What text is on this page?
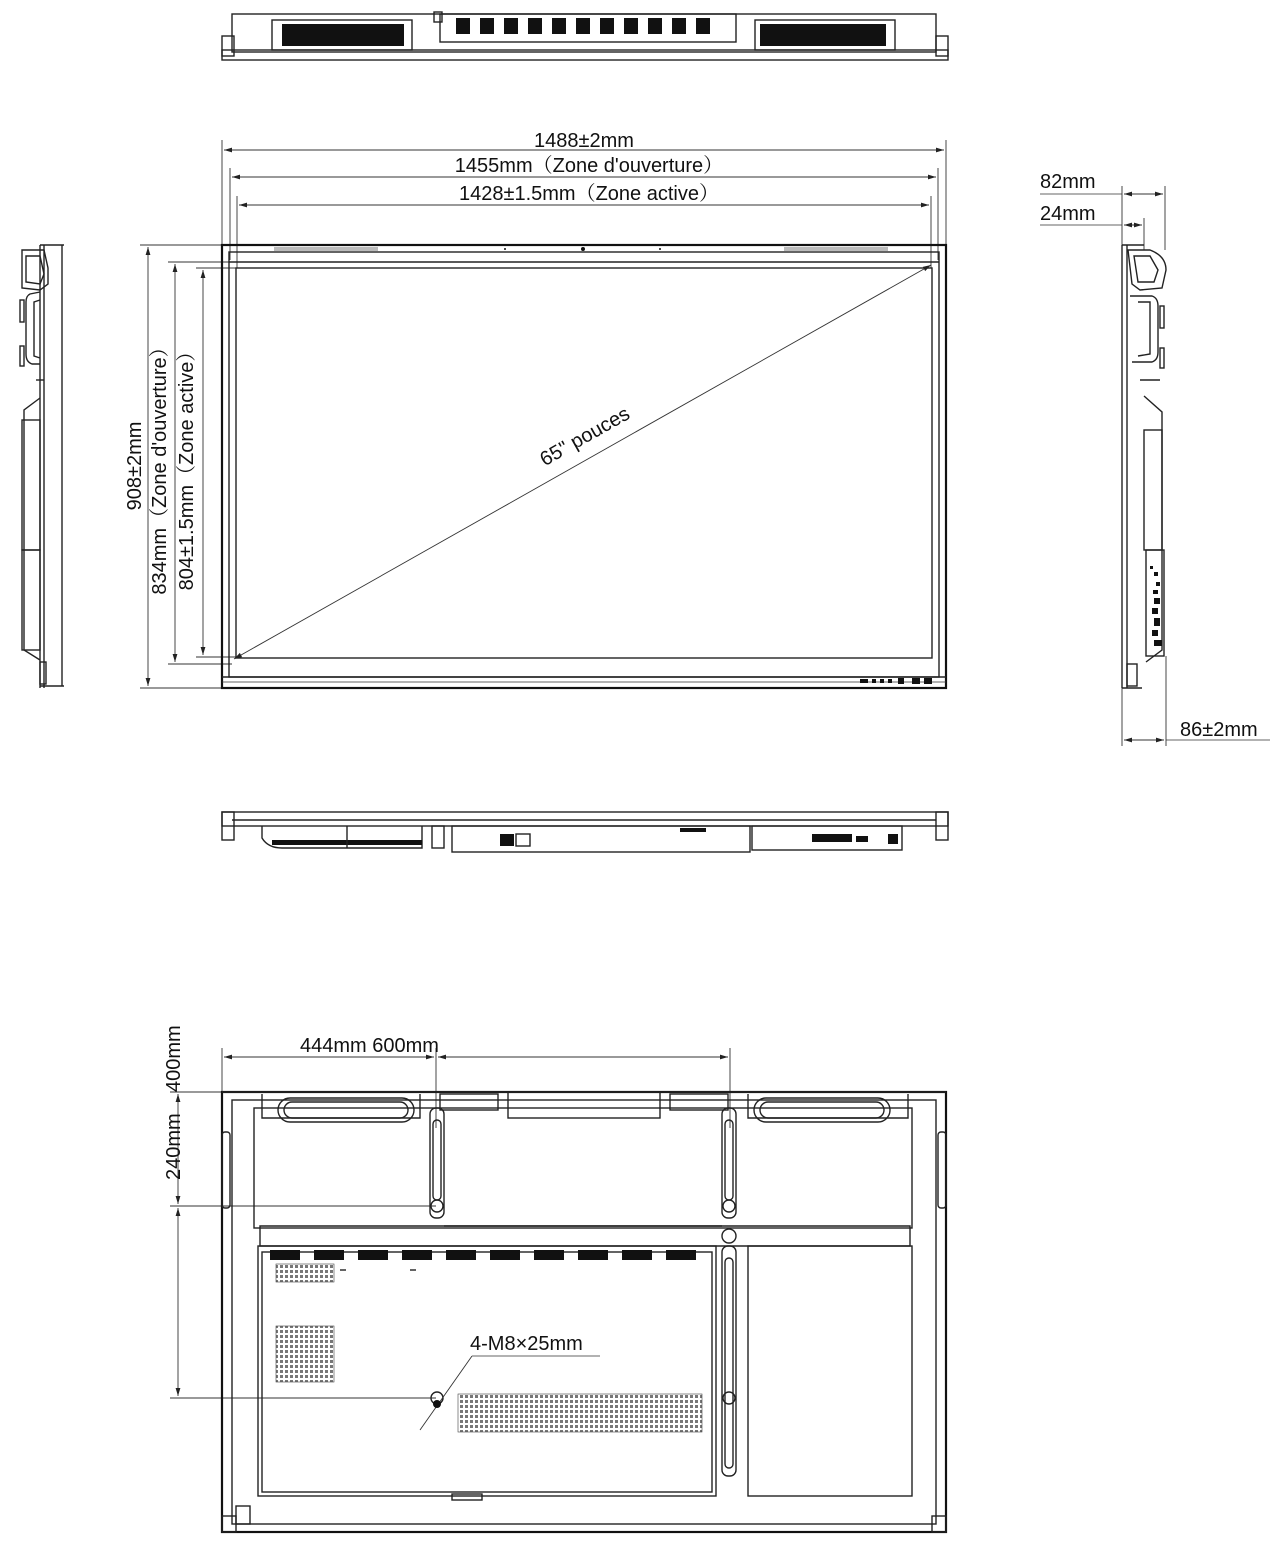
1488±2mm
1455mm（Zone d'ouverture）
1428±1.5mm（Zone active）
908±2mm 834mm（Zone d'ouverture） 804±1.5mm（Zone active）	65" pouces
82mm
24mm
86±2mm
444mm 600mm
400mm
240mm
4-M8×25mm
